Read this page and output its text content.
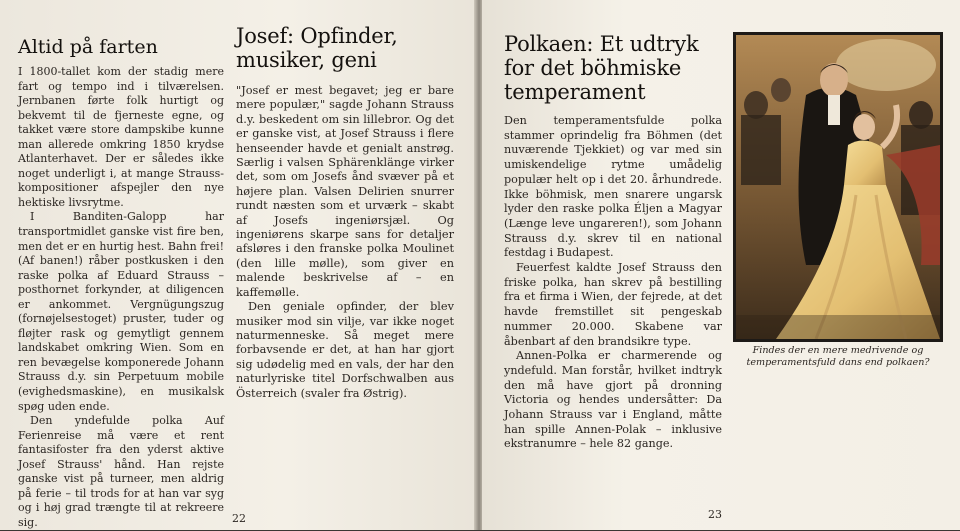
Altid på farten

I 1800-tallet kom der stadig mere fart og tempo ind i tilværelsen. Jernbanen førte folk hurtigt og bekvemt til de fjerneste egne, og takket være store dampskibe kunne man allerede omkring 1850 krydse Atlanterhavet. Der er således ikke noget underligt i, at mange Strauss-kompositioner afspejler den nye hektiske livsrytme.

I Banditen-Galopp har transportmidlet ganske vist fire ben, men det er en hurtig hest. Bahn frei! (Af banen!) råber postkusken i den raske polka af Eduard Strauss – posthornet forkynder, at diligencen er ankommet. Vergnügungszug (fornøjelsestoget) pruster, tuder og fløjter rask og gemytligt gennem landskabet omkring Wien. Som en ren bevægelse komponerede Johann Strauss d.y. sin Perpetuum mobile (evighedsmaskine), en musikalsk spøg uden ende.

Den yndefulde polka Auf Ferienreise må være et rent fantasifoster fra den yderst aktive Josef Strauss' hånd. Han rejste ganske vist på turneer, men aldrig på ferie – til trods for at han var syg og i høj grad trængte til at rekreere sig.

Josef: Opfinder, musiker, geni

"Josef er mest begavet; jeg er bare mere populær," sagde Johann Strauss d.y. beskedent om sin lillebror. Og det er ganske vist, at Josef Strauss i flere henseender havde et genialt anstrøg. Særlig i valsen Sphärenklänge virker det, som om Josefs ånd svæver på et højere plan. Valsen Delirien snurrer rundt næsten som et urværk – skabt af Josefs ingeniørsjæl. Og ingeniørens skarpe sans for detaljer afsløres i den franske polka Moulinet (den lille mølle), som giver en malende beskrivelse af – en kaffemølle.

Den geniale opfinder, der blev musiker mod sin vilje, var ikke noget naturmenneske. Så meget mere forbavsende er det, at han har gjort sig udødelig med en vals, der har den naturlyriske titel Dorfschwalben aus Österreich (svaler fra Østrig).

22
Polkaen: Et udtryk for det böhmiske temperament

Den temperamentsfulde polka stammer oprindelig fra Böhmen (det nuværende Tjekkiet) og var med sin umiskendelige rytme umådelig populær helt op i det 20. århundrede. Ikke böhmisk, men snarere ungarsk lyder den raske polka Éljen a Magyar (Længe leve ungareren!), som Johann Strauss d.y. skrev til en national festdag i Budapest.

Feuerfest kaldte Josef Strauss den friske polka, han skrev på bestilling fra et firma i Wien, der fejrede, at det havde fremstillet sit pengeskab nummer 20.000. Skabene var åbenbart af den brandsikre type.

Annen-Polka er charmerende og yndefuld. Man forstår, hvilket indtryk den må have gjort på dronning Victoria og hendes undersåtter: Da Johann Strauss var i England, måtte han spille Annen-Polak – inklusive ekstranumre – hele 82 gange.

Findes der en mere medrivende og temperamentsfuld dans end polkaen?
23
